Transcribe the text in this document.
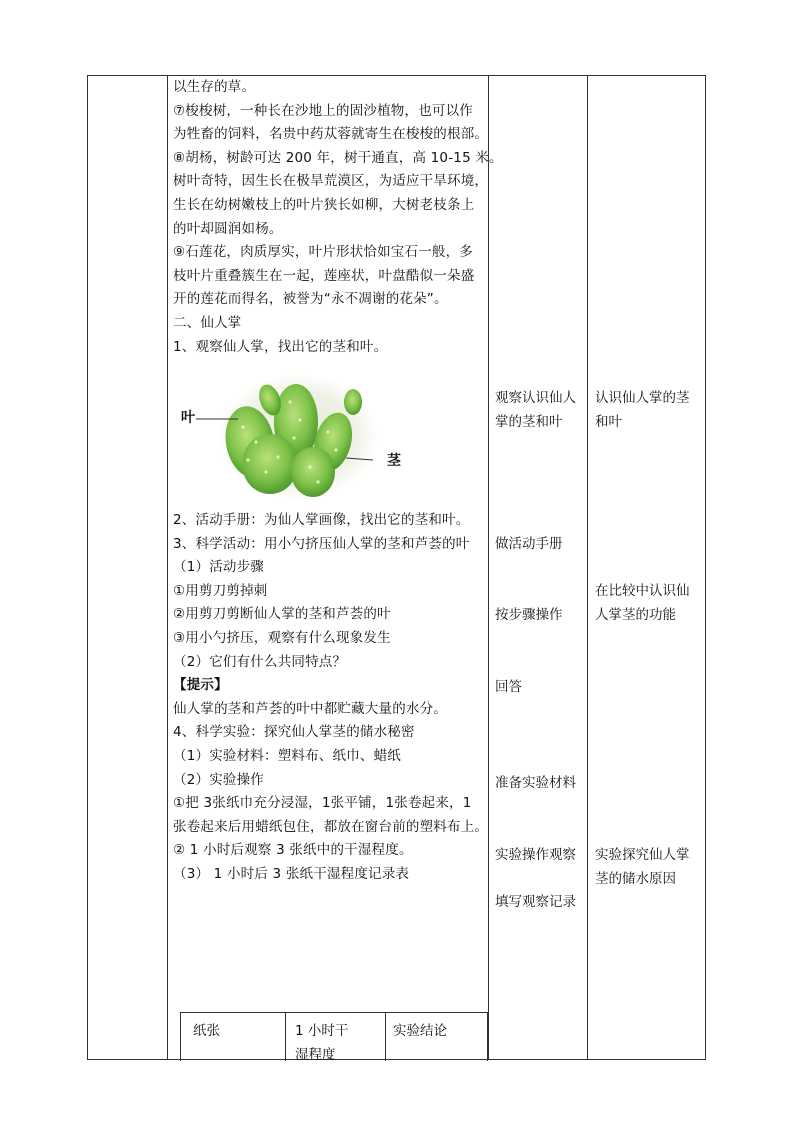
以生存的草。
⑦梭梭树，一种长在沙地上的固沙植物，也可以作
为牲畜的饲料，名贵中药苁蓉就寄生在梭梭的根部。
⑧胡杨，树龄可达 200 年，树干通直，高 10-15 米。
树叶奇特，因生长在极旱荒漠区，为适应干旱环境，
生长在幼树嫩枝上的叶片狭长如柳，大树老枝条上
的叶却圆润如杨。
⑨石莲花，肉质厚实，叶片形状恰如宝石一般，多
枝叶片重叠簇生在一起，莲座状，叶盘酷似一朵盛
开的莲花而得名，被誉为“永不凋谢的花朵”。
二、仙人掌
1、观察仙人掌，找出它的茎和叶。
2、活动手册：为仙人掌画像，找出它的茎和叶。
3、科学活动：用小勺挤压仙人掌的茎和芦荟的叶
（1）活动步骤
①用剪刀剪掉刺
②用剪刀剪断仙人掌的茎和芦荟的叶
③用小勺挤压，观察有什么现象发生
（2）它们有什么共同特点？
【提示】
仙人掌的茎和芦荟的叶中都贮藏大量的水分。
4、科学实验：探究仙人掌茎的储水秘密
（1）实验材料：塑料布、纸巾、蜡纸
（2）实验操作
①把 3张纸巾充分浸湿，1张平铺，1张卷起来，1
张卷起来后用蜡纸包住，都放在窗台前的塑料布上。
② 1 小时后观察 3 张纸中的干湿程度。
（3） 1 小时后 3 张纸干湿程度记录表
叶
茎
观察认识仙人
掌的茎和叶
做活动手册
按步骤操作
回答
准备实验材料
实验操作观察
填写观察记录
认识仙人掌的茎
和叶
在比较中认识仙
人掌茎的功能
实验探究仙人掌
茎的储水原因
纸张	1 小时干
湿程度
实验结论
